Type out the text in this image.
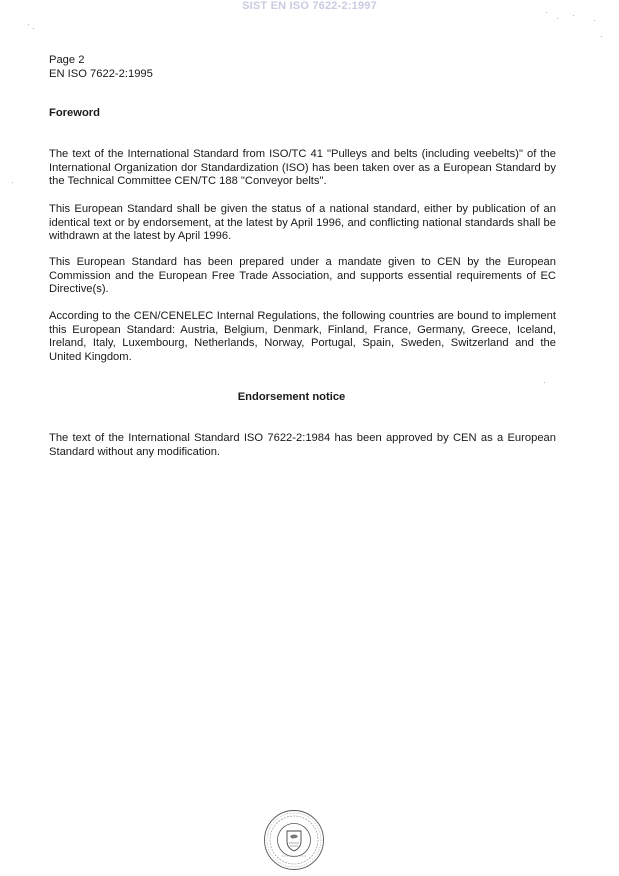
SIST EN ISO 7622-2:1997
Page 2
EN ISO 7622-2:1995
Foreword

The text of the International Standard from ISO/TC 41 "Pulleys and belts (including veebelts)" of the International Organization dor Standardization (ISO) has been taken over as a European Standard by the Technical Committee CEN/TC 188 "Conveyor belts".

This European Standard shall be given the status of a national standard, either by publication of an identical text or by endorsement, at the latest by April 1996, and conflicting national standards shall be withdrawn at the latest by April 1996.

This European Standard has been prepared under a mandate given to CEN by the European Commission and the European Free Trade Association, and supports essential requirements of EC Directive(s).

According to the CEN/CENELEC Internal Regulations, the following countries are bound to implement this European Standard: Austria, Belgium, Denmark, Finland, France, Germany, Greece, Iceland, Ireland, Italy, Luxembourg, Netherlands, Norway, Portugal, Spain, Sweden, Switzerland and the United Kingdom.

Endorsement notice

The text of the International Standard ISO 7622-2:1984 has been approved by CEN as a European Standard without any modification.
